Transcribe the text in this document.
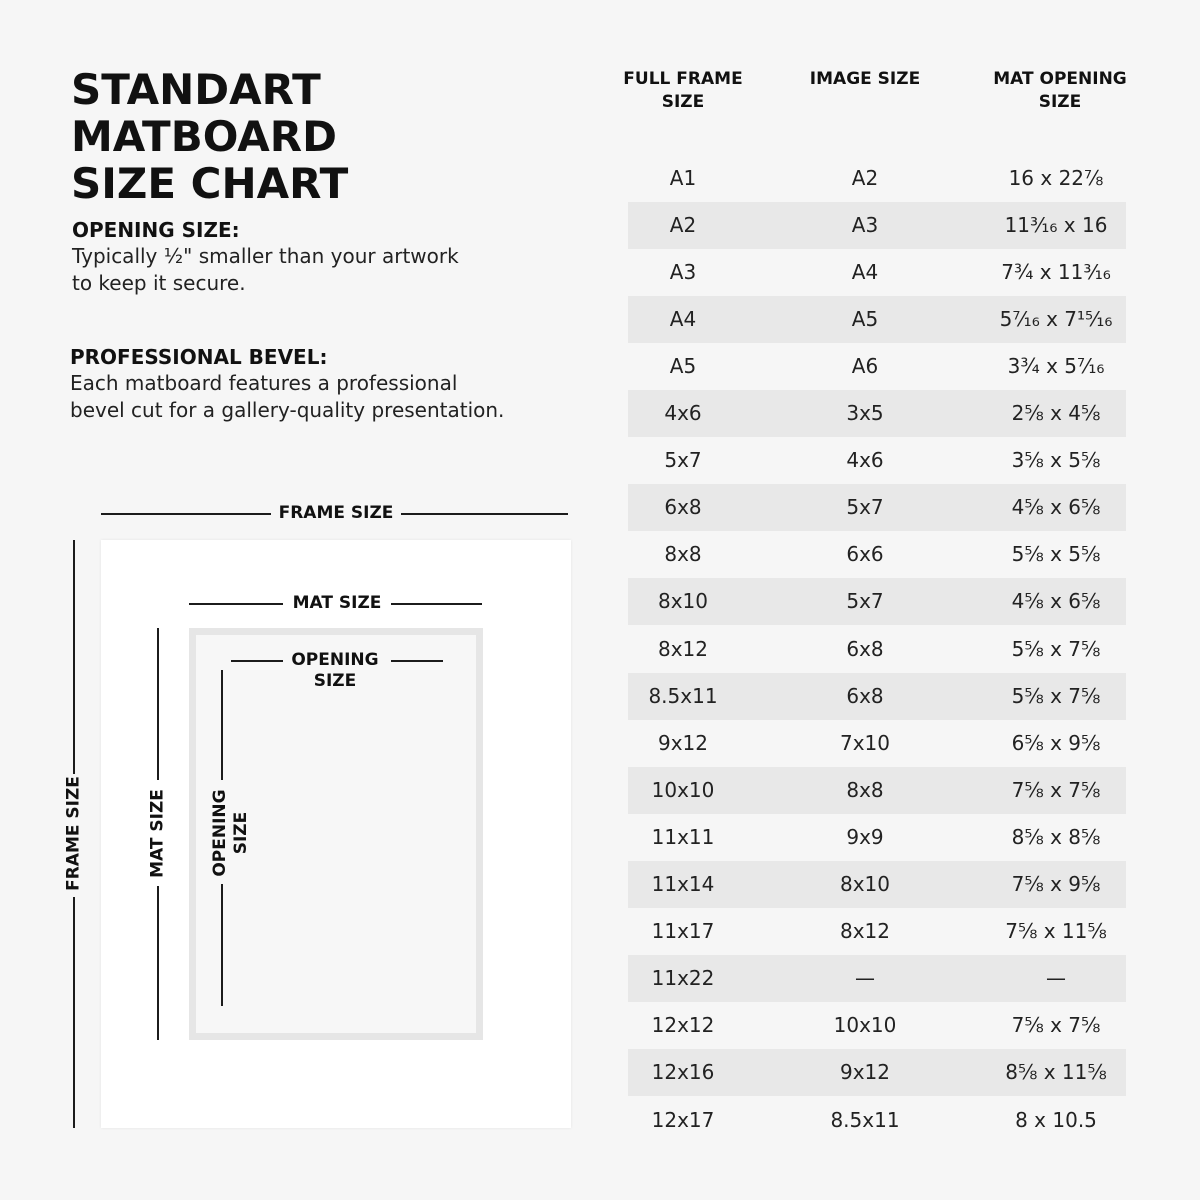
STANDART MATBOARD
SIZE CHART
OPENING SIZE:
Typically ½" smaller than your artwork
to keep it secure.
PROFESSIONAL BEVEL:
Each matboard features a professional
bevel cut for a gallery-quality presentation.
FRAME SIZE
FRAME SIZE
MAT SIZE
MAT SIZE
OPENING
SIZE
OPENING SIZE
FULL FRAME
SIZE
IMAGE SIZE	MAT OPENING
SIZE
A1	A2	16 x 22⅞
A2	A3	11³⁄₁₆ x 16
A3	A4	7¾ x 11³⁄₁₆
A4	A5	5⁷⁄₁₆ x 7¹⁵⁄₁₆
A5	A6	3¾ x 5⁷⁄₁₆
4x6	3x5	2⅝ x 4⅝
5x7	4x6	3⅝ x 5⅝
6x8	5x7	4⅝ x 6⅝
8x8	6x6	5⅝ x 5⅝
8x10	5x7	4⅝ x 6⅝
8x12	6x8	5⅝ x 7⅝
8.5x11	6x8	5⅝ x 7⅝
9x12	7x10	6⅝ x 9⅝
10x10	8x8	7⅝ x 7⅝
11x11	9x9	8⅝ x 8⅝
11x14	8x10	7⅝ x 9⅝
11x17	8x12	7⅝ x 11⅝
11x22	—	—
12x12	10x10	7⅝ x 7⅝
12x16	9x12	8⅝ x 11⅝
12x17	8.5x11	8 x 10.5
